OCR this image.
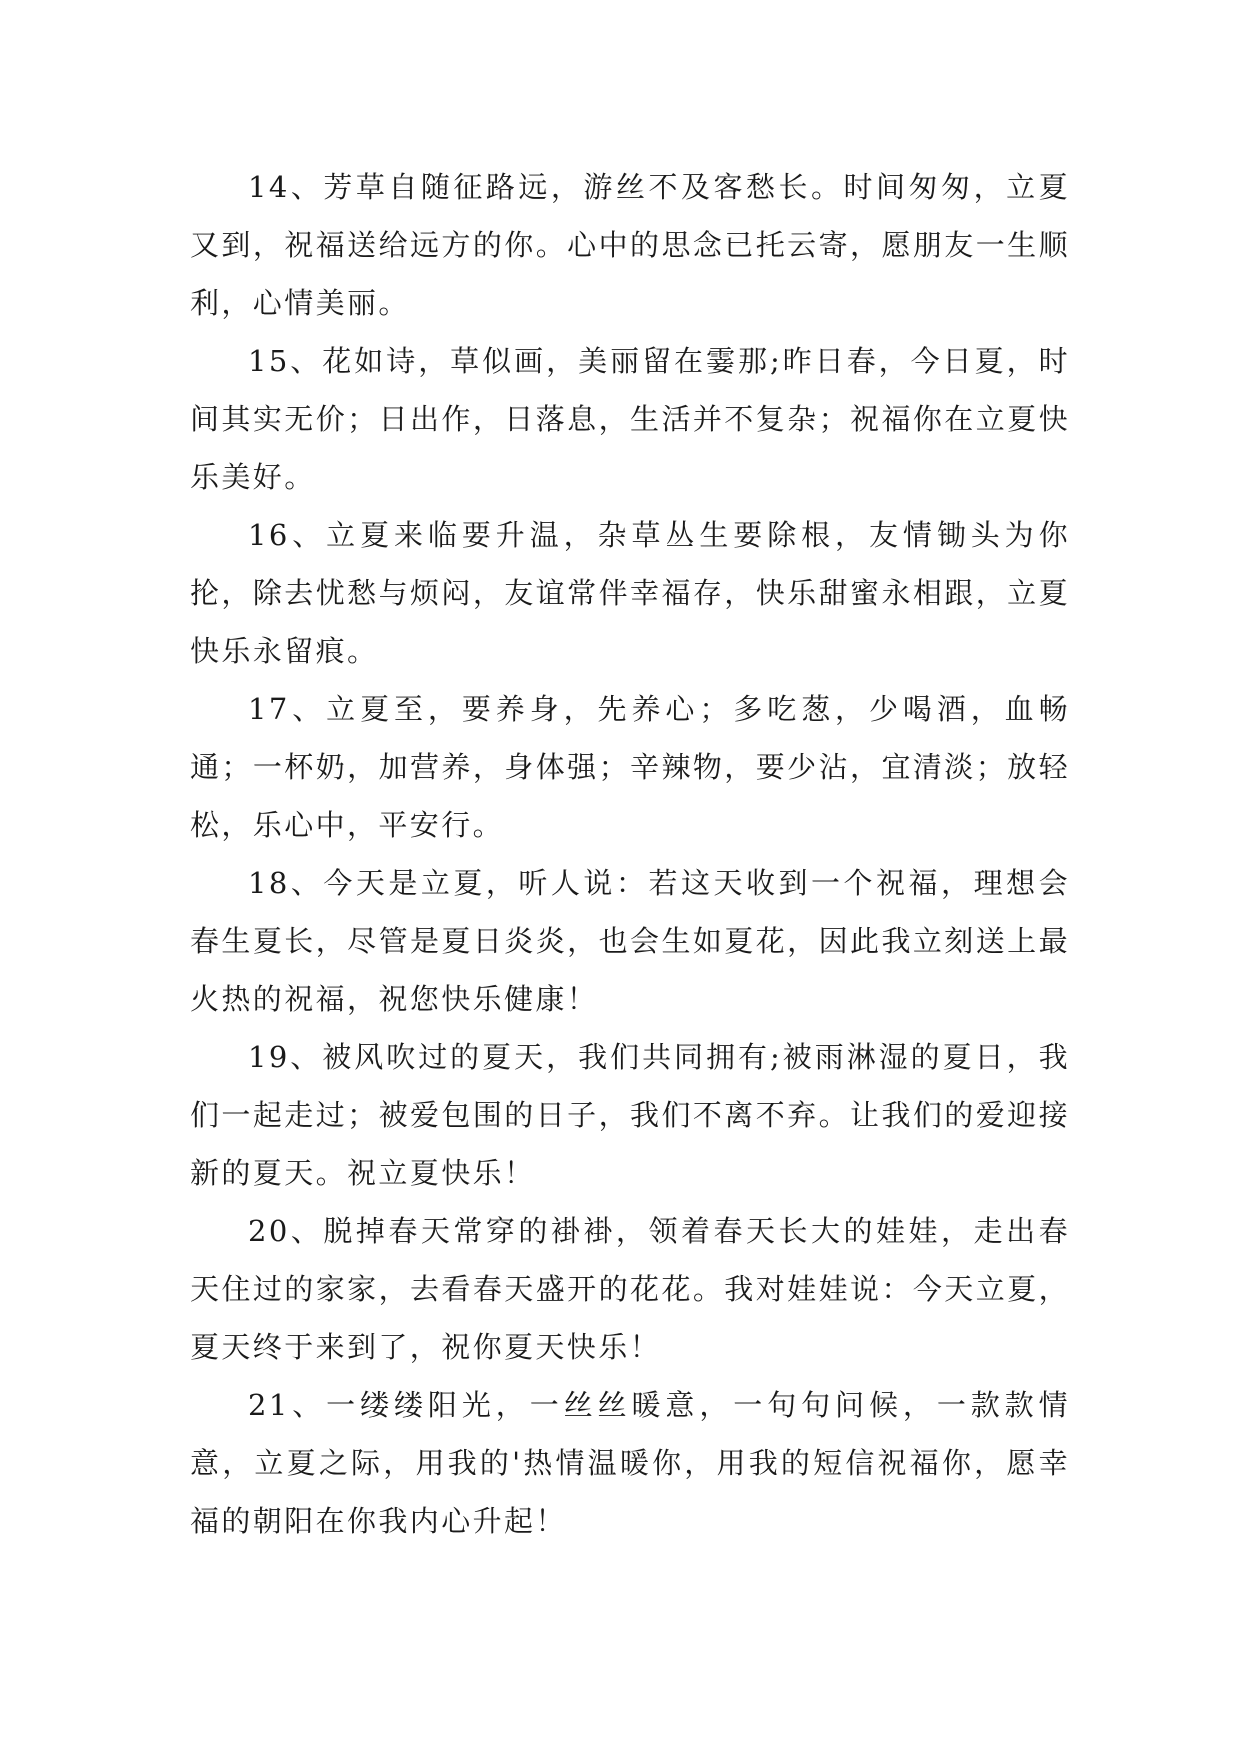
14、芳草自随征路远，游丝不及客愁长。时间匆匆，立夏又到，祝福送给远方的你。心中的思念已托云寄，愿朋友一生顺利，心情美丽。

15、花如诗，草似画，美丽留在霎那;昨日春，今日夏，时间其实无价；日出作，日落息，生活并不复杂；祝福你在立夏快乐美好。

16、立夏来临要升温，杂草丛生要除根，友情锄头为你抡，除去忧愁与烦闷，友谊常伴幸福存，快乐甜蜜永相跟，立夏快乐永留痕。

17、立夏至，要养身，先养心；多吃葱，少喝酒，血畅通；一杯奶，加营养，身体强；辛辣物，要少沾，宜清淡；放轻松，乐心中，平安行。

18、今天是立夏，听人说：若这天收到一个祝福，理想会春生夏长，尽管是夏日炎炎，也会生如夏花，因此我立刻送上最火热的祝福，祝您快乐健康！

19、被风吹过的夏天，我们共同拥有;被雨淋湿的夏日，我们一起走过；被爱包围的日子，我们不离不弃。让我们的爱迎接新的夏天。祝立夏快乐！

20、脱掉春天常穿的褂褂，领着春天长大的娃娃，走出春天住过的家家，去看春天盛开的花花。我对娃娃说：今天立夏，夏天终于来到了，祝你夏天快乐！

21、一缕缕阳光，一丝丝暖意，一句句问候，一款款情意，立夏之际，用我的'热情温暖你，用我的短信祝福你，愿幸福的朝阳在你我内心升起！
